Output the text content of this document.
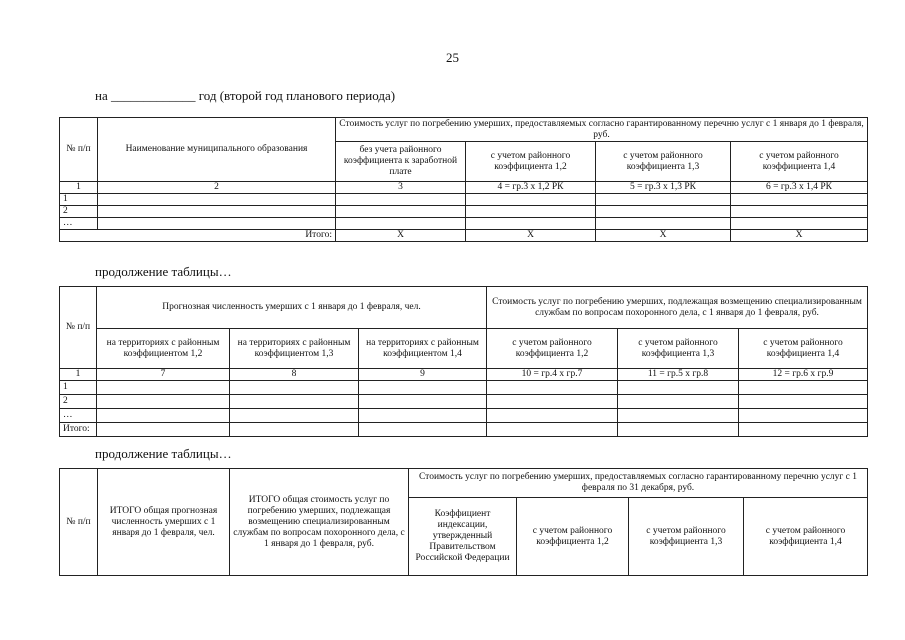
25
на _____________ год (второй год планового периода)
№ п/п	Наименование муниципального образования	Стоимость услуг по погребению умерших, предоставляемых согласно гарантированному перечню услуг с 1 января до 1 февраля, руб.			
		без учета районного коэффициента к заработной плате	с учетом районного коэффициента 1,2	с учетом районного коэффициента 1,3	с учетом районного коэффициента 1,4
1	2	3	4 = гр.3 х 1,2 РК	5 = гр.3 х 1,3 РК	6 = гр.3 х 1,4 РК
1					
2					
…					
Итого:		X	X	X	X
продолжение таблицы…
№ п/п	Прогнозная численность умерших с 1 января до 1 февраля, чел.			Стоимость услуг по погребению умерших, подлежащая возмещению специализированным службам по вопросам похоронного дела, с 1 января до 1 февраля, руб.		
	на территориях с районным коэффициентом 1,2	на территориях с районным коэффициентом 1,3	на территориях с районным коэффициентом 1,4	с учетом районного коэффициента 1,2	с учетом районного коэффициента 1,3	с учетом районного коэффициента 1,4
1	7	8	9	10 = гр.4 х гр.7	11 = гр.5 х гр.8	12 = гр.6 х гр.9
1						
2						
…						
Итого:						
продолжение таблицы…
№ п/п	ИТОГО общая прогнозная численность умерших с 1 января до 1 февраля, чел.	ИТОГО общая стоимость услуг по погребению умерших, подлежащая возмещению специализированным службам по вопросам похоронного дела, с 1 января до 1 февраля, руб.	Стоимость услуг по погребению умерших, предоставляемых согласно гарантированному перечню услуг с 1 февраля по 31 декабря, руб.			
			Коэффициент индексации, утвержденный Правительством Российской Федерации	с учетом районного коэффициента 1,2	с учетом районного коэффициента 1,3	с учетом районного коэффициента 1,4
